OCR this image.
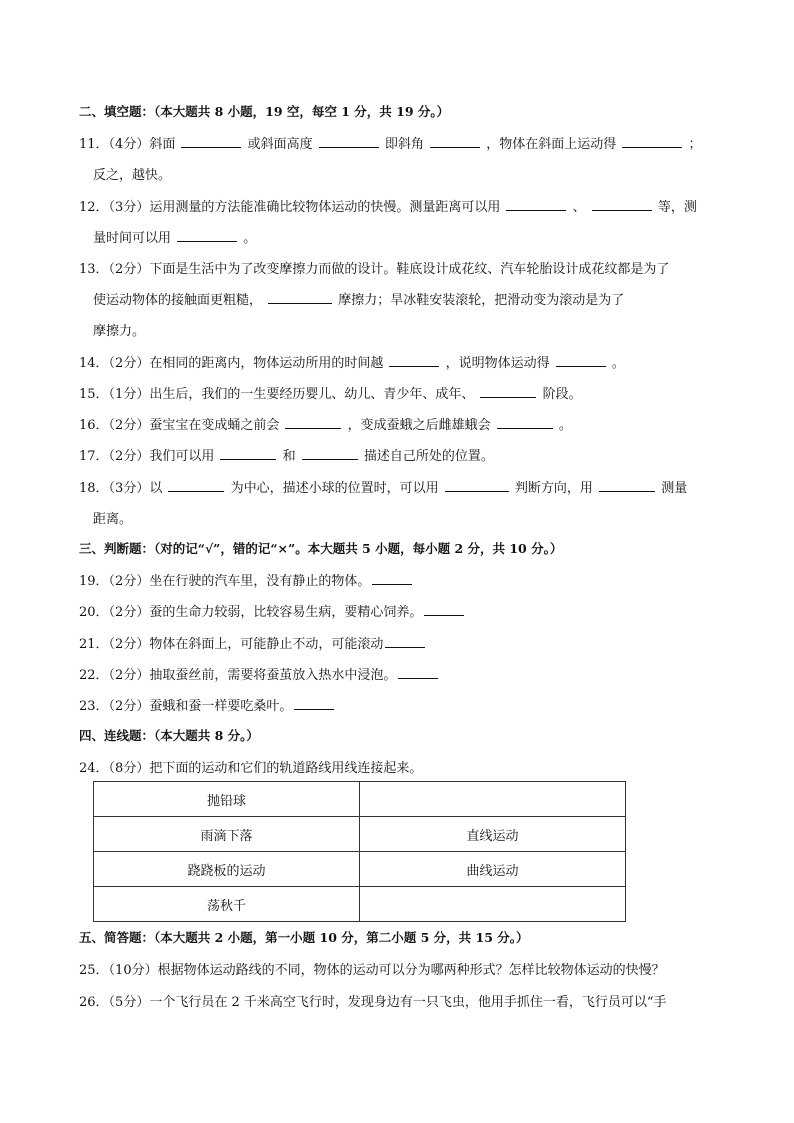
二、填空题：（本大题共 8 小题，19 空，每空 1 分，共 19 分。）
11．（4分）斜面	或斜面高度	即斜角	，物体在斜面上运动得	；
反之，越快。
12．（3分）运用测量的方法能准确比较物体运动的快慢。测量距离可以用	、	等，测
量时间可以用	。
13．（2分）下面是生活中为了改变摩擦力而做的设计。鞋底设计成花纹、汽车轮胎设计成花纹都是为了
使运动物体的接触面更粗糙，	摩擦力；旱冰鞋安装滚轮，把滑动变为滚动是为了
摩擦力。
14．（2分）在相同的距离内，物体运动所用的时间越	，说明物体运动得	。
15．（1分）出生后，我们的一生要经历婴儿、幼儿、青少年、成年、	阶段。
16．（2分）蚕宝宝在变成蛹之前会	，变成蚕蛾之后雌雄蛾会	。
17．（2分）我们可以用	和	描述自己所处的位置。
18．（3分）以	为中心，描述小球的位置时，可以用	判断方向，用	测量
距离。
三、判断题：（对的记“√”，错的记“×”。本大题共 5 小题，每小题 2 分，共 10 分。）
19．（2分）坐在行驶的汽车里，没有静止的物体。
20．（2分）蚕的生命力较弱，比较容易生病，要精心饲养。
21．（2分）物体在斜面上，可能静止不动，可能滚动
22．（2分）抽取蚕丝前，需要将蚕茧放入热水中浸泡。
23．（2分）蚕蛾和蚕一样要吃桑叶。
四、连线题：（本大题共 8 分。）
24．（8分）把下面的运动和它们的轨道路线用线连接起来。
抛铅球	
雨滴下落	直线运动
跷跷板的运动	曲线运动
荡秋千	
五、简答题：（本大题共 2 小题，第一小题 10 分，第二小题 5 分，共 15 分。）
25．（10分）根据物体运动路线的不同，物体的运动可以分为哪两种形式？怎样比较物体运动的快慢？
26．（5分）一个飞行员在 2 千米高空飞行时，发现身边有一只飞虫，他用手抓住一看，飞行员可以“手
